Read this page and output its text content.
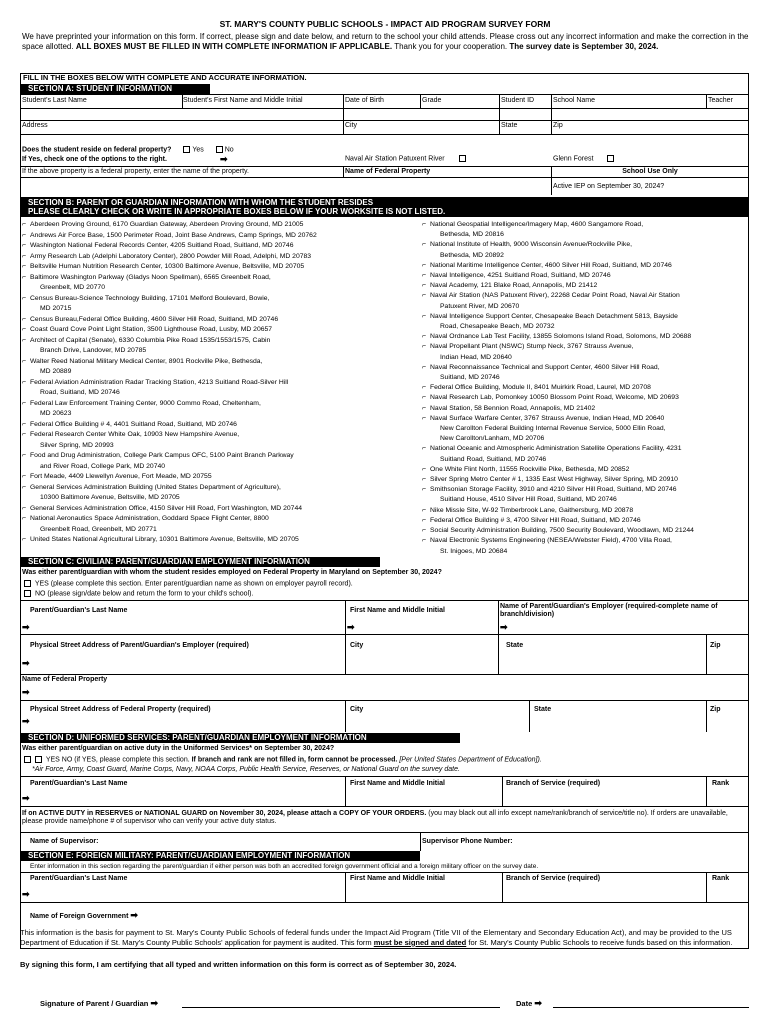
ST. MARY'S COUNTY PUBLIC SCHOOLS - IMPACT AID PROGRAM SURVEY FORM
We have preprinted your information on this form. If correct, please sign and date below, and return to the school your child attends. Please cross out any incorrect information and make the correction in the space allotted. ALL BOXES MUST BE FILLED IN WITH COMPLETE INFORMATION IF APPLICABLE. Thank you for your cooperation. The survey date is September 30, 2024.
FILL IN THE BOXES BELOW WITH COMPLETE AND ACCURATE INFORMATION.
SECTION A: STUDENT INFORMATION
Student's Last Name	Student's First Name and Middle Initial	Date of Birth	Grade	Student ID	School Name	Teacher
Address	City	State	Zip
Does the student reside on federal property?	Yes	No
If Yes, check one of the options to the right.	➡
If the above property is a federal property, enter the name of the property.
Naval Air Station Patuxent River	Glenn Forest
Name of Federal Property	School Use Only
Active IEP on September 30, 2024?
SECTION B: PARENT OR GUARDIAN INFORMATION WITH WHOM THE STUDENT RESIDES
PLEASE CLEARLY CHECK OR WRITE IN APPROPRIATE BOXES BELOW IF YOUR WORKSITE IS NOT LISTED.
⌐ Aberdeen Proving Ground, 6170 Guardian Gateway, Aberdeen Proving Ground, MD 21005
⌐ Andrews Air Force Base, 1500 Perimeter Road, Joint Base Andrews, Camp Springs, MD 20762
⌐ Washington National Federal Records Center, 4205 Suitland Road, Suitland, MD 20746
⌐ Army Research Lab (Adelphi Laboratory Center), 2800 Powder Mill Road, Adelphi, MD 20783
⌐ Beltsville Human Nutrition Research Center, 10300 Baltimore Avenue, Beltsville, MD 20705
⌐ Baltimore Washington Parkway (Gladys Noon Spellman), 6565 Greenbelt Road,
Greenbelt, MD 20770
⌐ Census Bureau-Science Technology Building, 17101 Melford Boulevard, Bowie,
MD 20715
⌐ Census Bureau,Federal Office Building, 4600 Silver Hill Road, Suitland, MD 20746
⌐ Coast Guard Cove Point Light Station, 3500 Lighthouse Road, Lusby, MD 20657
⌐ Architect of Capital (Senate), 6330 Columbia Pike Road 1535/1553/1575, Cabin
Branch Drive, Landover, MD 20785
⌐ Walter Reed National Military Medical Center, 8901 Rockville Pike, Bethesda,
MD 20889
⌐ Federal Aviation Administration Radar Tracking Station, 4213 Suitland Road-Silver Hill
Road, Suitland, MD 20746
⌐ Federal Law Enforcement Training Center, 9000 Commo Road, Cheltenham,
MD 20623
⌐ Federal Office Building # 4, 4401 Suitland Road, Suitland, MD 20746
⌐ Federal Research Center White Oak, 10903 New Hampshire Avenue,
Silver Spring, MD 20993
⌐ Food and Drug Administration, College Park Campus OFC, 5100 Paint Branch Parkway
and River Road, College Park, MD 20740
⌐ Fort Meade, 4409 Llewellyn Avenue, Fort Meade, MD 20755
⌐ General Services Administration Building (United States Department of Agriculture),
10300 Baltimore Avenue, Beltsville, MD 20705
⌐ General Services Administration Office, 4150 Silver Hill Road, Fort Washington, MD 20744
⌐ National Aeronautics Space Administration, Goddard Space Flight Center, 8800
Greenbelt Road, Greenbelt, MD 20771
⌐ United States National Agricultural Library, 10301 Baltimore Avenue, Beltsville, MD 20705
⌐ National Geospatial Intelligence/Imagery Map, 4600 Sangamore Road,
Bethesda, MD 20816
⌐ National Institute of Health, 9000 Wisconsin Avenue/Rockville Pike,
Bethesda, MD 20892
⌐ National Maritime Intelligence Center, 4600 Silver Hill Road, Suitland, MD 20746
⌐ Naval Intelligence, 4251 Suitland Road, Suitland, MD 20746
⌐ Naval Academy, 121 Blake Road, Annapolis, MD 21412
⌐ Naval Air Station (NAS Patuxent River), 22268 Cedar Point Road, Naval Air Station
Patuxent River, MD 20670
⌐ Naval Intelligence Support Center, Chesapeake Beach Detachment 5813, Bayside
Road, Chesapeake Beach, MD 20732
⌐ Naval Ordnance Lab Test Facility, 13855 Solomons Island Road, Solomons, MD 20688
⌐ Naval Propellant Plant (NSWC) Stump Neck, 3767 Strauss Avenue,
Indian Head, MD 20640
⌐ Naval Reconnaissance Technical and Support Center, 4600 Silver Hill Road,
Suitland, MD 20746
⌐ Federal Office Building, Module II, 8401 Muirkirk Road, Laurel, MD 20708
⌐ Naval Research Lab, Pomonkey 10050 Blossom Point Road, Welcome, MD 20693
⌐ Naval Station, 58 Bennion Road, Annapolis, MD 21402
⌐ Naval Surface Warfare Center, 3767 Strauss Avenue, Indian Head, MD 20640
New Carollton Federal Building Internal Revenue Service, 5000 Ellin Road,
New Carollton/Lanham, MD 20706
⌐ National Oceanic and Atmospheric Administration Satellite Operations Facility, 4231
Suitland Road, Suitland, MD 20746
⌐ One White Flint North, 11555 Rockville Pike, Bethesda, MD 20852
⌐ Silver Spring Metro Center # 1, 1335 East West Highway, Silver Spring, MD 20910
⌐ Smithsonian Storage Facility, 3910 and 4210 Silver Hill Road, Suitland, MD 20746
Suitland House, 4510 Silver Hill Road, Suitland, MD 20746
⌐ Nike Missle Site, W-92 Timberbrook Lane, Gaithersburg, MD 20878
⌐ Federal Office Building # 3, 4700 Silver Hill Road, Suitland, MD 20746
⌐ Social Security Administration Building, 7500 Security Boulevard, Woodlawn, MD 21244
⌐ Naval Electronic Systems Engineering (NESEA/Webster Field), 4700 Villa Road,
St. Inigoes, MD 20684
SECTION C: CIVILIAN: PARENT/GUARDIAN EMPLOYMENT INFORMATION
Was either parent/guardian with whom the student resides employed on Federal Property in Maryland on September 30, 2024?
YES (please complete this section. Enter parent/guardian name as shown on employer payroll record).
NO (please sign/date below and return the form to your child's school).
Parent/Guardian's Last Name	First Name and Middle Initial
Name of Parent/Guardian's Employer (required-complete name of branch/division)
➡	➡	➡
Physical Street Address of Parent/Guardian's Employer (required)	City	State	Zip
➡
Name of Federal Property
➡
Physical Street Address of Federal Property (required)	City	State	Zip
➡
SECTION D: UNIFORMED SERVICES: PARENT/GUARDIAN EMPLOYMENT INFORMATION
Was either parent/guardian on active duty in the Uniformed Services* on September 30, 2024?
YES NO (if YES, please complete this section. If branch and rank are not filled in, form cannot be processed. [Per United States Department of Education]).
*Air Force, Army, Coast Guard, Marine Corps, Navy, NOAA Corps, Public Health Service, Reserves, or National Guard on the survey date.
Parent/Guardian's Last Name	First Name and Middle Initial	Branch of Service (required)	Rank
➡
If on ACTIVE DUTY in RESERVES or NATIONAL GUARD on November 30, 2024, please attach a COPY OF YOUR ORDERS. (you may black out all info except name/rank/branch of service/title no). If orders are unavailable, please provide name/phone # of supervisor who can verify your active duty status.
Name of Supervisor:	Supervisor Phone Number:
SECTION E: FOREIGN MILITARY: PARENT/GUARDIAN EMPLOYMENT INFORMATION
Enter information in this section regarding the parent/guardian if either person was both an accredited foreign government official and a foreign military officer on the survey date.
Parent/Guardian's Last Name	First Name and Middle Initial	Branch of Service (required)	Rank
➡
Name of Foreign Government ➡
This information is the basis for payment to St. Mary's County Public Schools of federal funds under the Impact Aid Program (Title VII of the Elementary and Secondary Education Act), and may be provided to the US Department of Education if St. Mary's County Public Schools' application for payment is audited. This form must be signed and dated for St. Mary's County Public Schools to receive funds based on this information.
By signing this form, I am certifying that all typed and written information on this form is correct as of September 30, 2024.
Signature of Parent / Guardian ➡	Date ➡
